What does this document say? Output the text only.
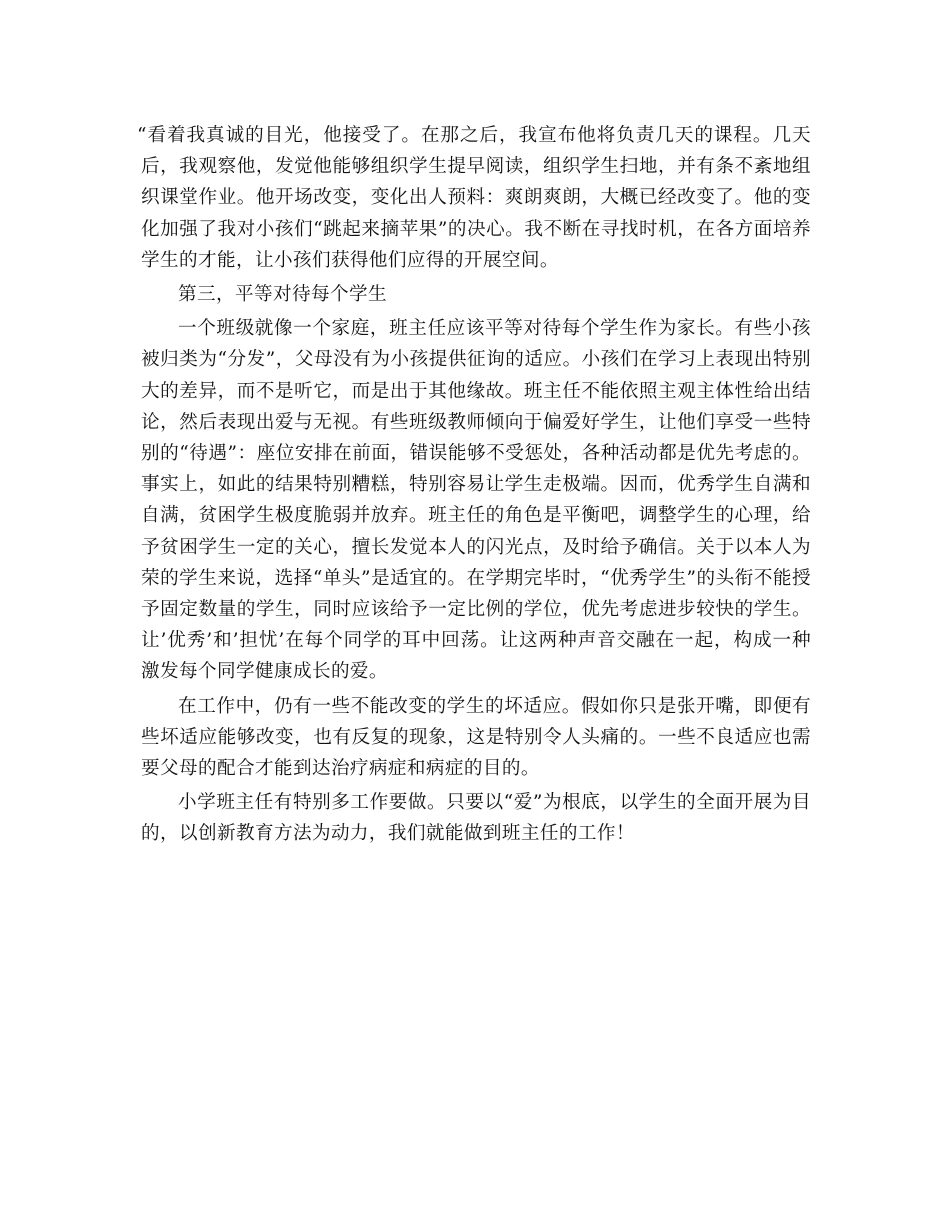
“看着我真诚的目光，他接受了。在那之后，我宣布他将负责几天的课程。几天后，我观察他，发觉他能够组织学生提早阅读，组织学生扫地，并有条不紊地组织课堂作业。他开场改变，变化出人预料：爽朗爽朗，大概已经改变了。他的变化加强了我对小孩们“跳起来摘苹果”的决心。我不断在寻找时机，在各方面培养学生的才能，让小孩们获得他们应得的开展空间。

第三，平等对待每个学生

一个班级就像一个家庭，班主任应该平等对待每个学生作为家长。有些小孩被归类为“分发”，父母没有为小孩提供征询的适应。小孩们在学习上表现出特别大的差异，而不是听它，而是出于其他缘故。班主任不能依照主观主体性给出结论，然后表现出爱与无视。有些班级教师倾向于偏爱好学生，让他们享受一些特别的“待遇”：座位安排在前面，错误能够不受惩处，各种活动都是优先考虑的。事实上，如此的结果特别糟糕，特别容易让学生走极端。因而，优秀学生自满和自满，贫困学生极度脆弱并放弃。班主任的角色是平衡吧，调整学生的心理，给予贫困学生一定的关心，擅长发觉本人的闪光点，及时给予确信。关于以本人为荣的学生来说，选择“单头”是适宜的。在学期完毕时，“优秀学生”的头衔不能授予固定数量的学生，同时应该给予一定比例的学位，优先考虑进步较快的学生。让’优秀’和’担忧’在每个同学的耳中回荡。让这两种声音交融在一起，构成一种激发每个同学健康成长的爱。

在工作中，仍有一些不能改变的学生的坏适应。假如你只是张开嘴，即便有些坏适应能够改变，也有反复的现象，这是特别令人头痛的。一些不良适应也需要父母的配合才能到达治疗病症和病症的目的。

小学班主任有特别多工作要做。只要以“爱”为根底，以学生的全面开展为目的，以创新教育方法为动力，我们就能做到班主任的工作！
